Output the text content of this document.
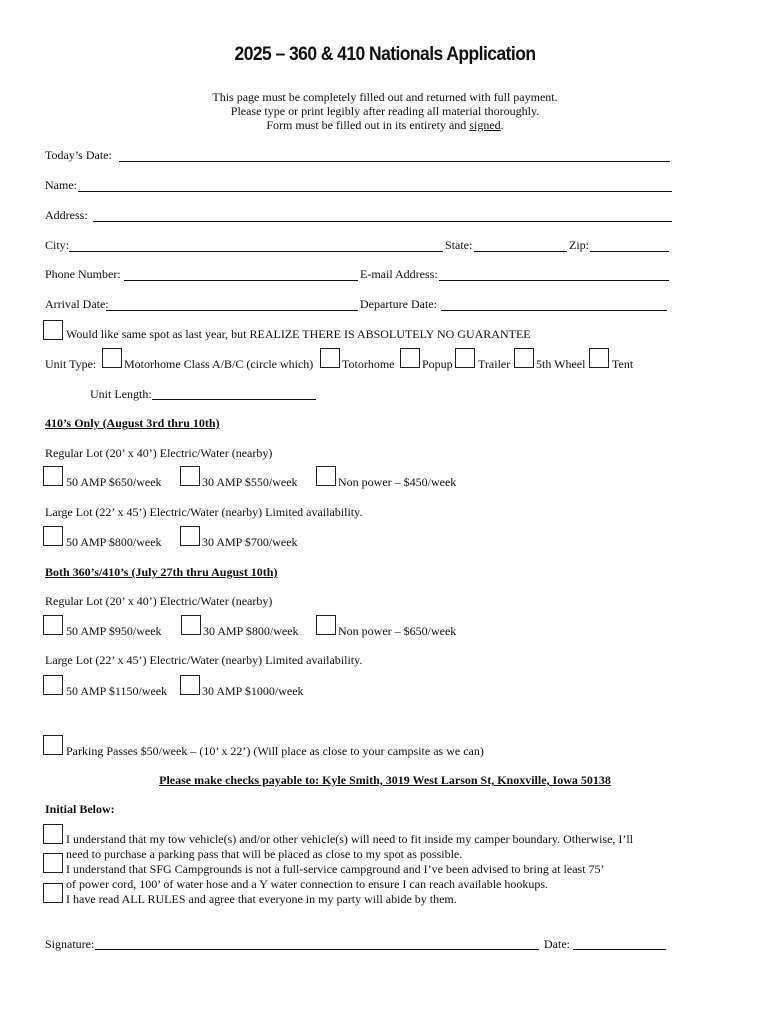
2025 – 360 & 410 Nationals Application
This page must be completely filled out and returned with full payment.
Please type or print legibly after reading all material thoroughly.
Form must be filled out in its entirety and signed.
Today’s Date:
Name:
Address:
City:	State:	Zip:
Phone Number:	E-mail Address:
Arrival Date:	Departure Date:
Would like same spot as last year, but REALIZE THERE IS ABSOLUTELY NO GUARANTEE
Unit Type: Motorhome Class A/B/C (circle which) Totorhome Popup Trailer 5th Wheel Tent
Unit Length:
410’s Only (August 3rd thru 10th)
Regular Lot (20’ x 40’) Electric/Water (nearby)
50 AMP $650/week	30 AMP $550/week	Non power – $450/week
Large Lot (22’ x 45’) Electric/Water (nearby) Limited availability.
50 AMP $800/week	30 AMP $700/week
Both 360’s/410’s (July 27th thru August 10th)
Regular Lot (20’ x 40’) Electric/Water (nearby)
50 AMP $950/week	30 AMP $800/week	Non power – $650/week
Large Lot (22’ x 45’) Electric/Water (nearby) Limited availability.
50 AMP $1150/week	30 AMP $1000/week
Parking Passes $50/week – (10’ x 22’) (Will place as close to your campsite as we can)
Please make checks payable to: Kyle Smith, 3019 West Larson St, Knoxville, Iowa 50138
Initial Below:
I understand that my tow vehicle(s) and/or other vehicle(s) will need to fit inside my camper boundary. Otherwise, I’ll
need to purchase a parking pass that will be placed as close to my spot as possible.
I understand that SFG Campgrounds is not a full-service campground and I’ve been advised to bring at least 75’
of power cord, 100’ of water hose and a Y water connection to ensure I can reach available hookups.
I have read ALL RULES and agree that everyone in my party will abide by them.
Signature:	Date:
